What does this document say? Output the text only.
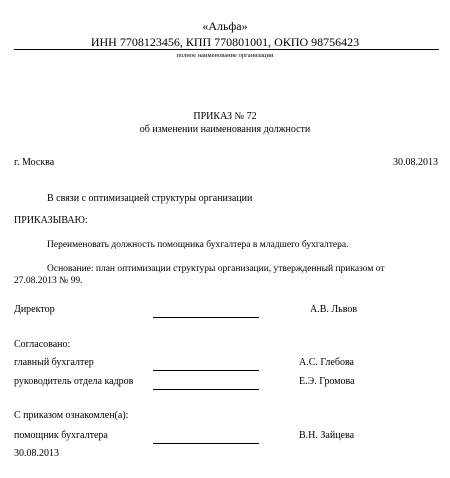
«Альфа»
ИНН 7708123456, КПП 770801001, ОКПО 98756423
полное наименование организации
ПРИКАЗ № 72
об изменении наименования должности
г. Москва	30.08.2013
В связи с оптимизацией структуры организации
ПРИКАЗЫВАЮ:
Переименовать должность помощника бухгалтера в младшего бухгалтера.
Основание: план оптимизации структуры организации, утвержденный приказом от
27.08.2013 № 99.
Директор	А.В. Львов
Согласовано:
главный бухгалтер	А.С. Глебова
руководитель отдела кадров	Е.Э. Громова
С приказом ознакомлен(а):
помощник бухгалтера	В.Н. Зайцева
30.08.2013
